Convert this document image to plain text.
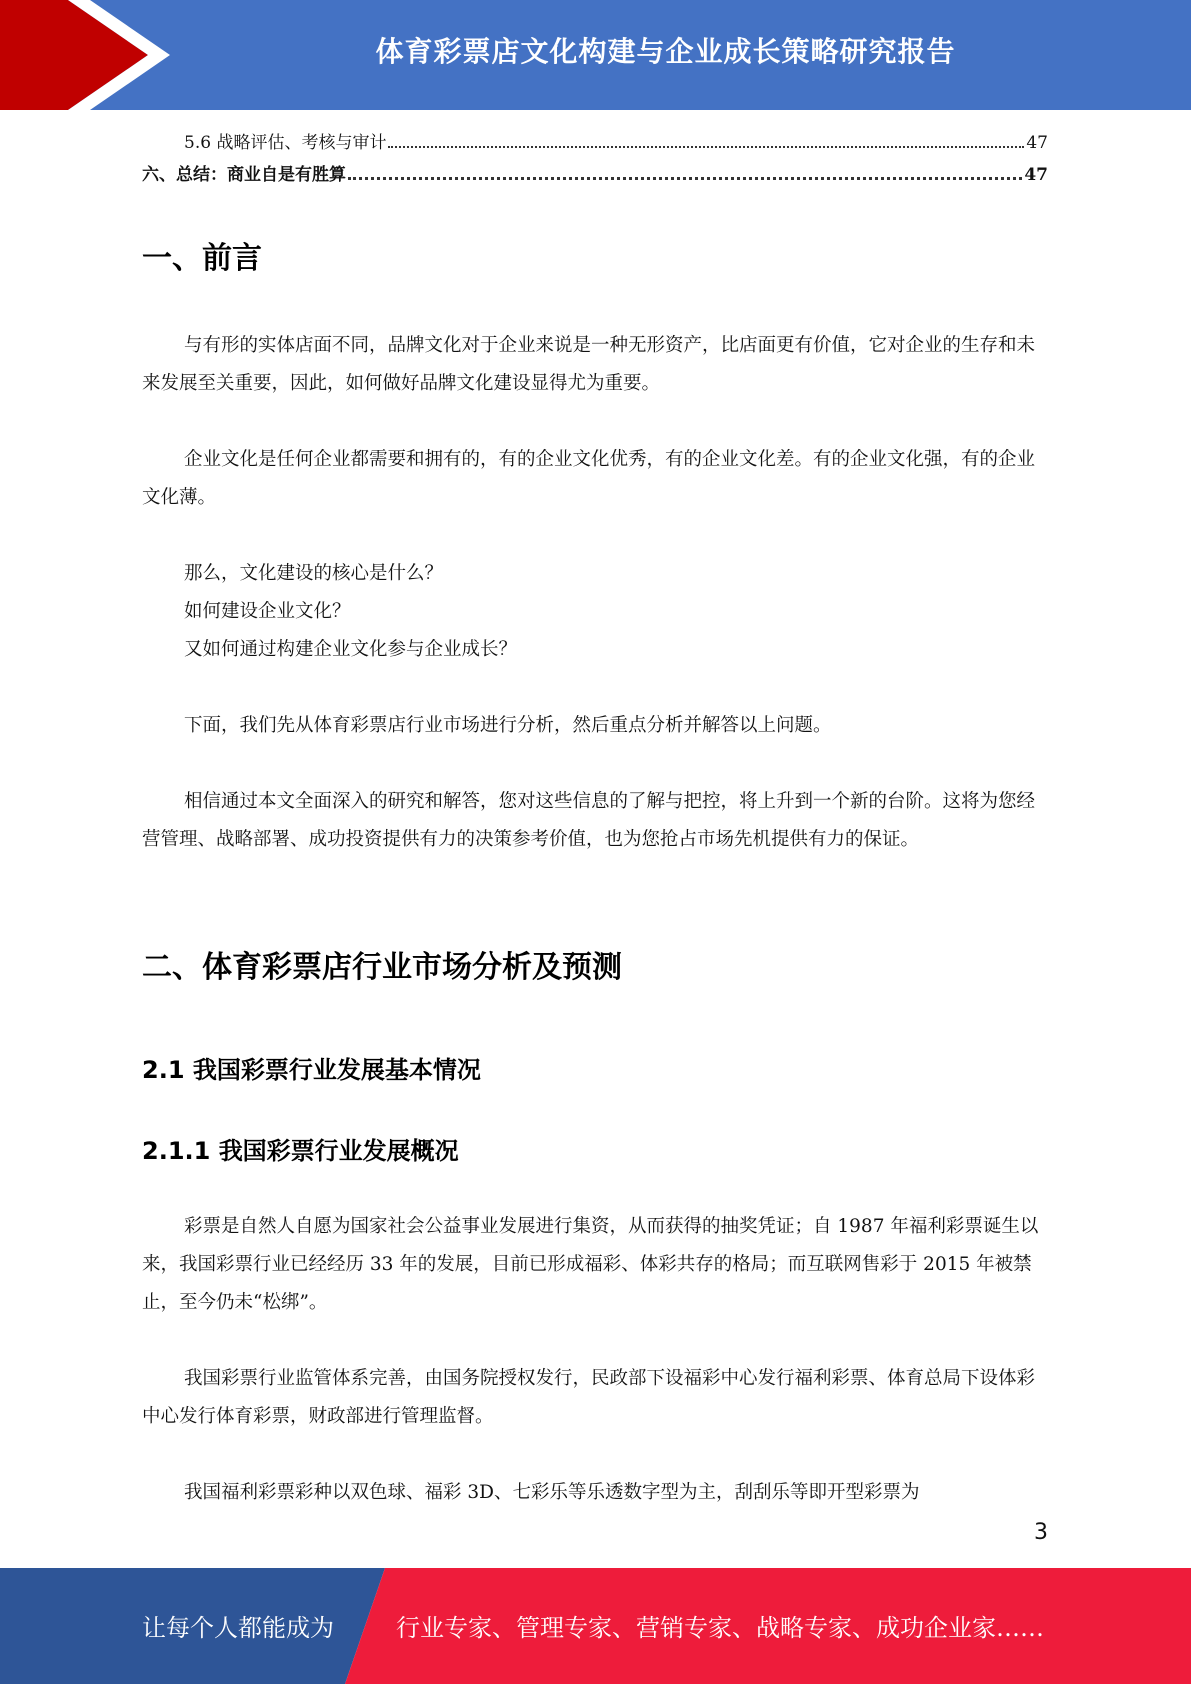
体育彩票店文化构建与企业成长策略研究报告
5.6 战略评估、考核与审计	47
六、总结：商业自是有胜算	47
一、前言

与有形的实体店面不同，品牌文化对于企业来说是一种无形资产，比店面更有价值，它对企业的生存和未来发展至关重要，因此，如何做好品牌文化建设显得尤为重要。

企业文化是任何企业都需要和拥有的，有的企业文化优秀，有的企业文化差。有的企业文化强，有的企业文化薄。

那么，文化建设的核心是什么？

如何建设企业文化？

又如何通过构建企业文化参与企业成长？

下面，我们先从体育彩票店行业市场进行分析，然后重点分析并解答以上问题。

相信通过本文全面深入的研究和解答，您对这些信息的了解与把控，将上升到一个新的台阶。这将为您经营管理、战略部署、成功投资提供有力的决策参考价值，也为您抢占市场先机提供有力的保证。

二、体育彩票店行业市场分析及预测
2.1 我国彩票行业发展基本情况
2.1.1 我国彩票行业发展概况

彩票是自然人自愿为国家社会公益事业发展进行集资，从而获得的抽奖凭证；自 1987 年福利彩票诞生以来，我国彩票行业已经经历 33 年的发展，目前已形成福彩、体彩共存的格局；而互联网售彩于 2015 年被禁止，至今仍未“松绑”。

我国彩票行业监管体系完善，由国务院授权发行，民政部下设福彩中心发行福利彩票、体育总局下设体彩中心发行体育彩票，财政部进行管理监督。

我国福利彩票彩种以双色球、福彩 3D、七彩乐等乐透数字型为主，刮刮乐等即开型彩票为

3
让每个人都能成为	行业专家、管理专家、营销专家、战略专家、成功企业家……
